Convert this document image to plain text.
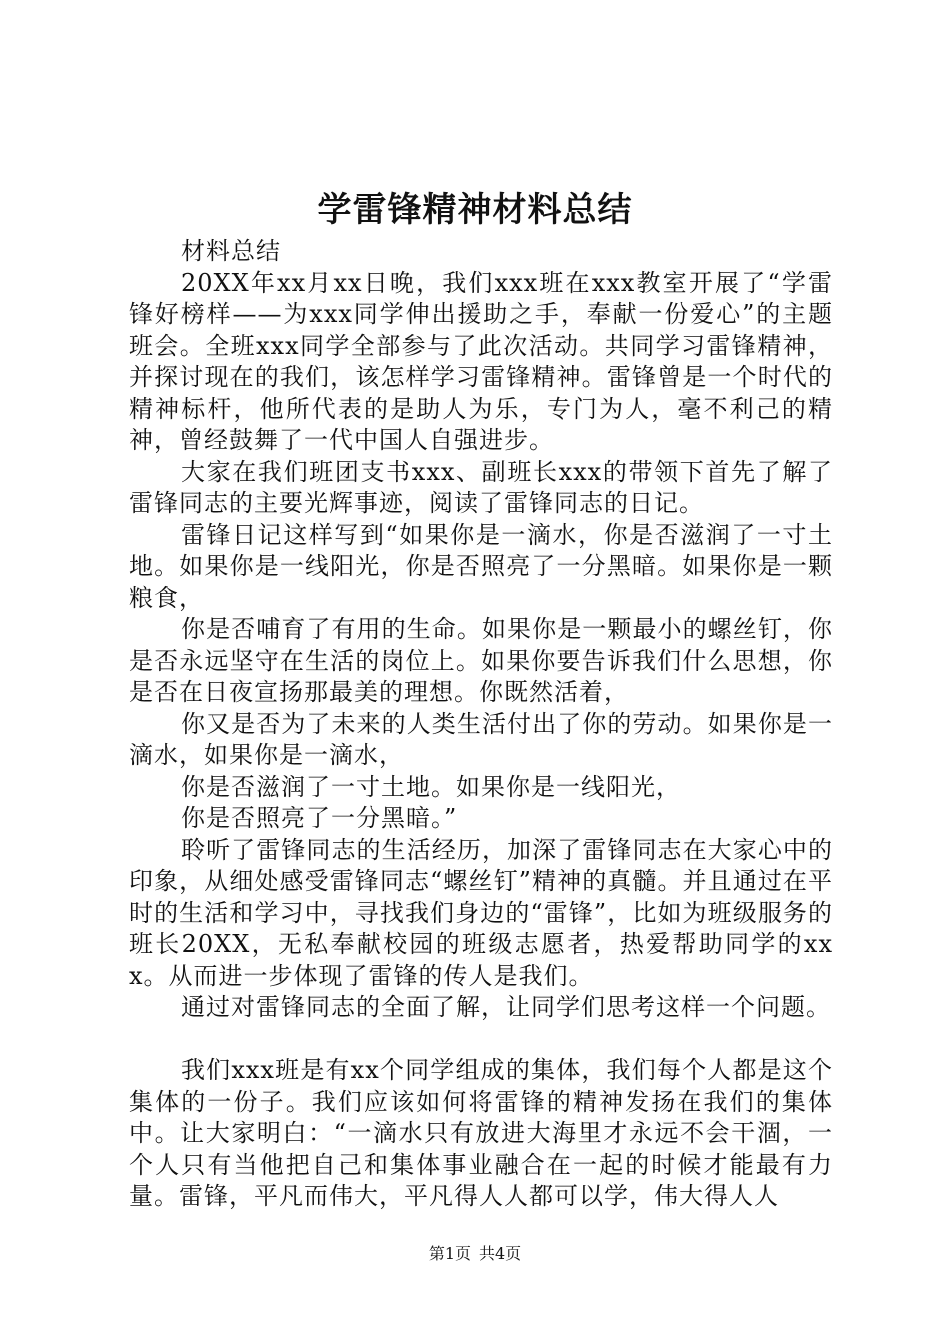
学雷锋精神材料总结

材料总结

20XX年xx月xx日晚，我们xxx班在xxx教室开展了“学雷锋好榜样——为xxx同学伸出援助之手，奉献一份爱心”的主题班会。全班xxx同学全部参与了此次活动。共同学习雷锋精神，并探讨现在的我们，该怎样学习雷锋精神。雷锋曾是一个时代的精神标杆，他所代表的是助人为乐，专门为人，毫不利己的精神，曾经鼓舞了一代中国人自强进步。

大家在我们班团支书xxx、副班长xxx的带领下首先了解了雷锋同志的主要光辉事迹，阅读了雷锋同志的日记。

雷锋日记这样写到“如果你是一滴水，你是否滋润了一寸土地。如果你是一线阳光，你是否照亮了一分黑暗。如果你是一颗粮食，

你是否哺育了有用的生命。如果你是一颗最小的螺丝钉，你是否永远坚守在生活的岗位上。如果你要告诉我们什么思想，你是否在日夜宣扬那最美的理想。你既然活着，

你又是否为了未来的人类生活付出了你的劳动。如果你是一滴水，如果你是一滴水，

你是否滋润了一寸土地。如果你是一线阳光，

你是否照亮了一分黑暗。”

聆听了雷锋同志的生活经历，加深了雷锋同志在大家心中的印象，从细处感受雷锋同志“螺丝钉”精神的真髓。并且通过在平时的生活和学习中，寻找我们身边的“雷锋”，比如为班级服务的班长20XX，无私奉献校园的班级志愿者，热爱帮助同学的xxx。从而进一步体现了雷锋的传人是我们。

通过对雷锋同志的全面了解，让同学们思考这样一个问题。

我们xxx班是有xx个同学组成的集体，我们每个人都是这个集体的一份子。我们应该如何将雷锋的精神发扬在我们的集体中。让大家明白：“一滴水只有放进大海里才永远不会干涸，一个人只有当他把自己和集体事业融合在一起的时候才能最有力量。雷锋，平凡而伟大，平凡得人人都可以学，伟大得人人

第1页 共4页
